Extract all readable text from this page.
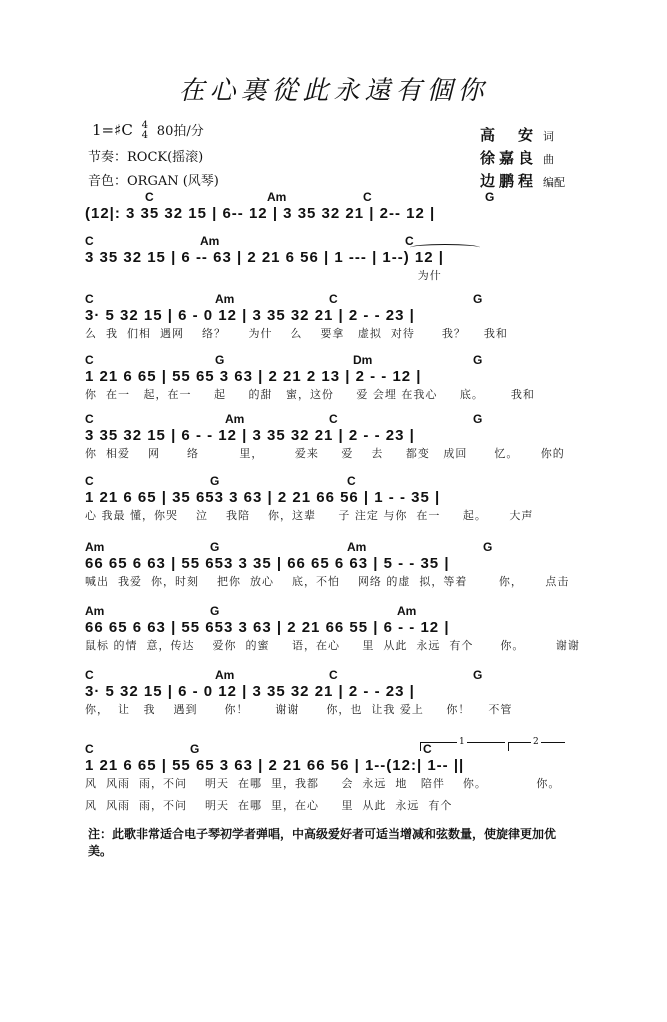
在心裏從此永遠有個你
1=♯C 4
4 80拍/分
节奏：ROCK(摇滚)
音色：ORGAN (风琴)
高　安 词
徐嘉良 曲
边鹏程 编配
C	Am	C	G
(12|: 3 35 32 15 | 6-- 12 | 3 35 32 21 | 2-- 12 |
C	Am	C
3 35 32 15 | 6 -- 63 | 2 21 6 56 | 1 --- | 1--) 12 |
为什
C	Am	C	G
3· 5 32 15 | 6 - 0 12 | 3 35 32 21 | 2 - - 23 |
么  我  们相  遇网    络？     为什    么    要拿   虚拟  对待      我？    我和
C	G	Dm	G
1 21 6 65 | 55 65 3 63 | 2 21 2 13 | 2 - - 12 |
你  在一   起，在一     起     的甜   蜜，这份     爱 会埋 在我心     底。      我和
C	Am	C	G
3 35 32 15 | 6 - - 12 | 3 35 32 21 | 2 - - 23 |
你  相爱    网      络         里，       爱来     爱    去     都变   成回      忆。     你的
C	G	C
1 21 6 65 | 35 653 3 63 | 2 21 66 56 | 1 - - 35 |
心 我最 懂，你哭    泣    我陪    你，这辈     子 注定 与你  在一     起。     大声
Am	G	Am	G
66 65 6 63 | 55 653 3 35 | 66 65 6 63 | 5 - - 35 |
喊出  我爱  你，时刻    把你  放心    底，不怕    网络 的虚  拟，等着       你，     点击
Am	G	Am
66 65 6 63 | 55 653 3 63 | 2 21 66 55 | 6 - - 12 |
鼠标 的情  意，传达    爱你  的蜜     语，在心     里  从此  永远  有个      你。       谢谢
C	Am	C	G
3· 5 32 15 | 6 - 0 12 | 3 35 32 21 | 2 - - 23 |
你，  让   我    遇到      你！      谢谢      你，也  让我 爱上     你！    不管
C	G	C
1 21 6 65 | 55 65 3 63 | 2 21 66 56 | 1--(12:| 1-- ||
风  风雨  雨，不问    明天  在哪  里，我都     会  永远  地   陪伴    你。           你。
风  风雨  雨，不问    明天  在哪  里，在心     里  从此  永远  有个
1	2
注：此歌非常适合电子琴初学者弹唱，中高级爱好者可适当增减和弦数量，使旋律更加优美。
